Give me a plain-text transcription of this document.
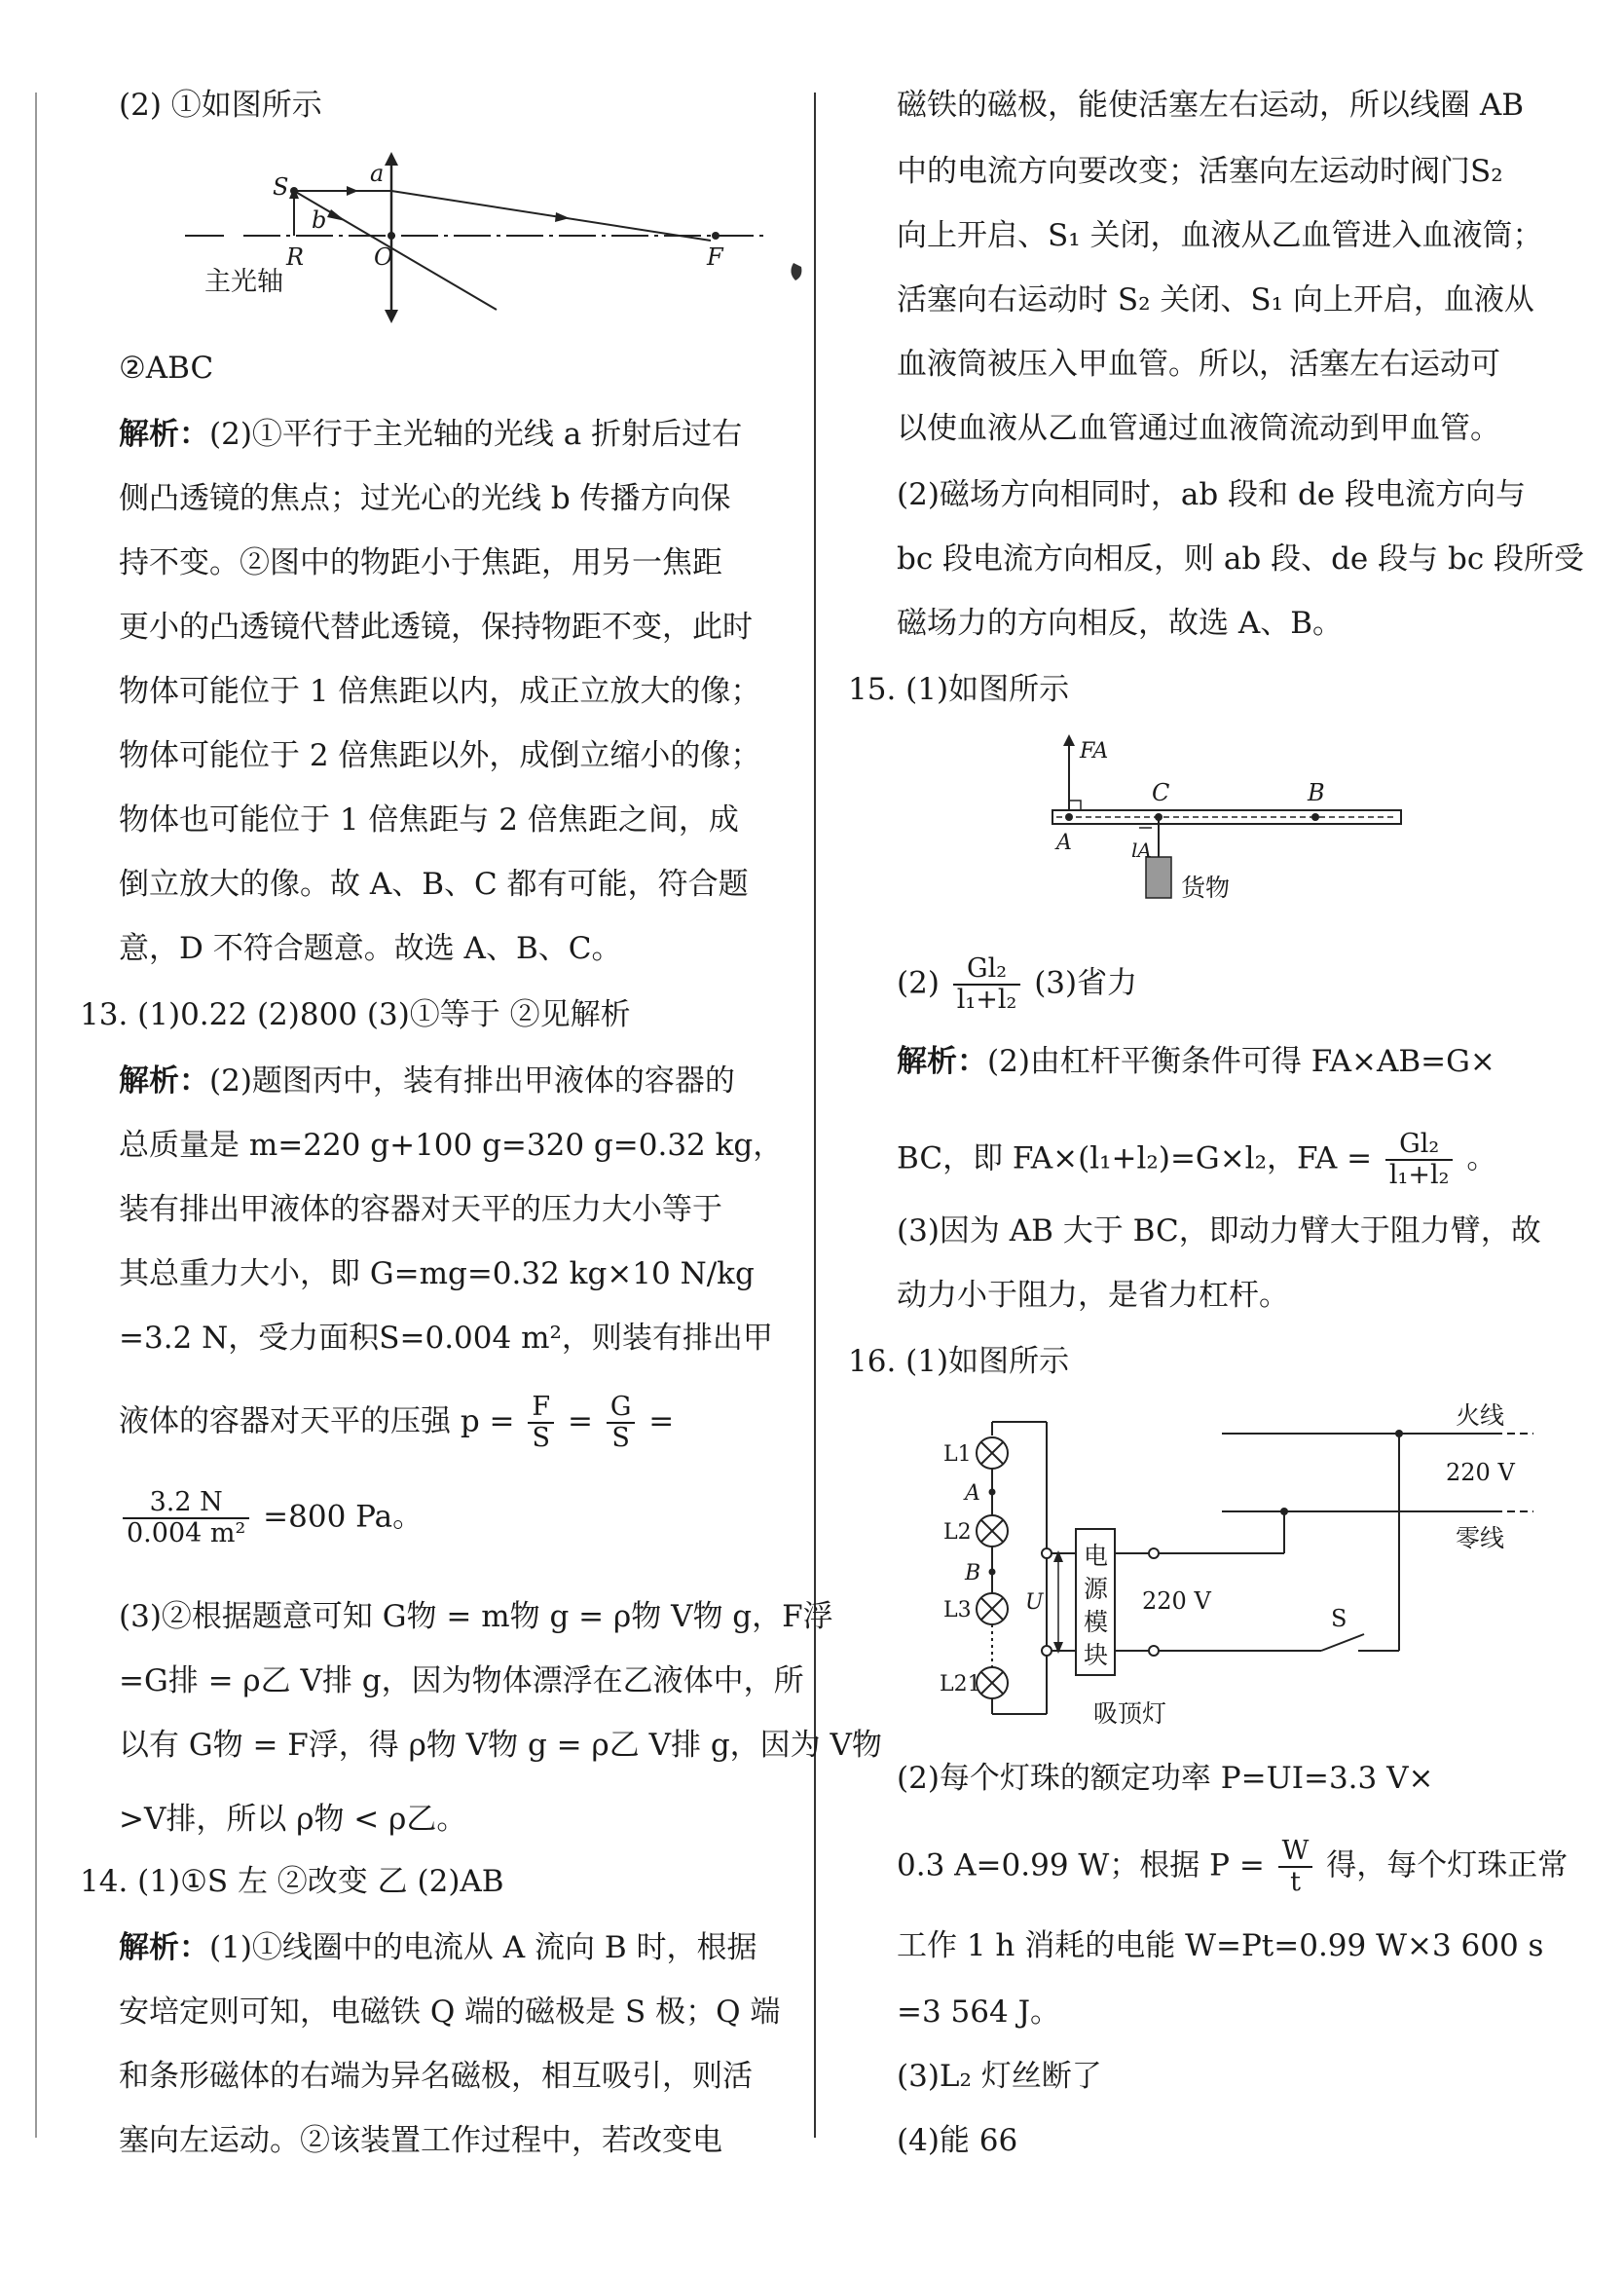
(2) ①如图所示
S	a
b
R	O	F
主光轴
②ABC
解析：(2)①平行于主光轴的光线 a 折射后过右
侧凸透镜的焦点；过光心的光线 b 传播方向保
持不变。②图中的物距小于焦距，用另一焦距
更小的凸透镜代替此透镜，保持物距不变，此时
物体可能位于 1 倍焦距以内，成正立放大的像；
物体可能位于 2 倍焦距以外，成倒立缩小的像；
物体也可能位于 1 倍焦距与 2 倍焦距之间，成
倒立放大的像。故 A、B、C 都有可能，符合题
意，D 不符合题意。故选 A、B、C。
13. (1)0.22 (2)800 (3)①等于 ②见解析
解析：(2)题图丙中，装有排出甲液体的容器的
总质量是 m=220 g+100 g=320 g=0.32 kg，
装有排出甲液体的容器对天平的压力大小等于
其总重力大小，即 G=mg=0.32 kg×10 N/kg
=3.2 N，受力面积S=0.004 m²，则装有排出甲
液体的容器对天平的压强 $p = \frac{F}{S} = \frac{G}{S}$ =
$\frac{3.2 N}{\text{0.004 m²}} =800$ Pa。
(3)②根据题意可知 G物 = m物 g = ρ物 V物 g，F浮
=G排 = ρ乙 V排 g，因为物体漂浮在乙液体中，所
以有 G物 = F浮，得 ρ物 V物 g = ρ乙 V排 g，因为 V物
>V排，所以 ρ物 < ρ乙。
14. (1)①S 左 ②改变 乙 (2)AB
解析：(1)①线圈中的电流从 A 流向 B 时，根据
安培定则可知，电磁铁 Q 端的磁极是 S 极；Q 端
和条形磁体的右端为异名磁极，相互吸引，则活
塞向左运动。②该装置工作过程中，若改变电
磁铁的磁极，能使活塞左右运动，所以线圈 AB
中的电流方向要改变；活塞向左运动时阀门S₂
向上开启、S₁ 关闭，血液从乙血管进入血液筒；
活塞向右运动时 S₂ 关闭、S₁ 向上开启，血液从
血液筒被压入甲血管。所以，活塞左右运动可
以使血液从乙血管通过血液筒流动到甲血管。
(2)磁场方向相同时，ab 段和 de 段电流方向与
bc 段电流方向相反，则 ab 段、de 段与 bc 段所受
磁场力的方向相反，故选 A、B。
15. (1)如图所示
FA
C	B
A	lA
货物
$(2) \frac{\text{Gl₂}}{\text{l₁+l₂}} (3)$省力
解析：(2)由杠杆平衡条件可得 FA×AB=G×
BC，即 FA×(l₁+l₂)=G×l₂，FA = $\frac{\text{Gl₂}}{\text{l₁+l₂}}$ 。
(3)因为 AB 大于 BC，即动力臂大于阻力臂，故
动力小于阻力，是省力杠杆。
16. (1)如图所示
火线
220 V
零线
L1
A
L2
B
L3
L21
U
电
源
模
块
220 V
S
吸顶灯
(2)每个灯珠的额定功率 P=UI=3.3 V×
0.3 A=0.99 W；根据 $P = \frac{W}{t}$ 得，每个灯珠正常
工作 1 h 消耗的电能 W=Pt=0.99 W×3 600 s
=3 564 J。
(3)L₂ 灯丝断了
(4)能 66
